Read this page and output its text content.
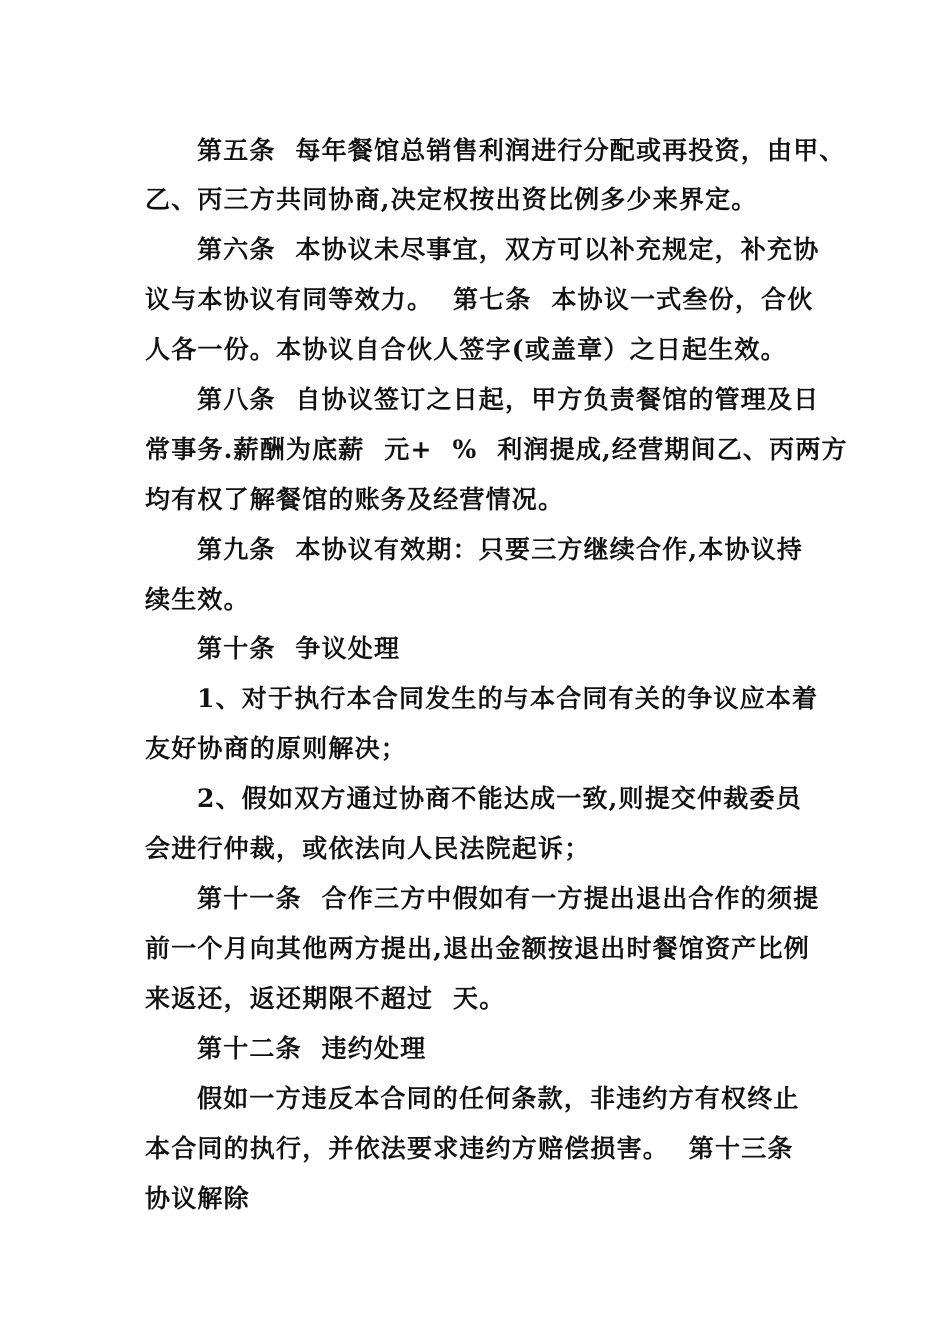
第五条  每年餐馆总销售利润进行分配或再投资，由甲、
乙、丙三方共同协商,决定权按出资比例多少来界定。
第六条  本协议未尽事宜，双方可以补充规定，补充协
议与本协议有同等效力。  第七条  本协议一式叁份，合伙
人各一份。本协议自合伙人签字(或盖章）之日起生效。
第八条  自协议签订之日起，甲方负责餐馆的管理及日
常事务.薪酬为底薪  元+  %  利润提成,经营期间乙、丙两方
均有权了解餐馆的账务及经营情况。
第九条  本协议有效期：只要三方继续合作,本协议持
续生效。
第十条  争议处理
1、对于执行本合同发生的与本合同有关的争议应本着
友好协商的原则解决；
2、假如双方通过协商不能达成一致,则提交仲裁委员
会进行仲裁，或依法向人民法院起诉；
第十一条  合作三方中假如有一方提出退出合作的须提
前一个月向其他两方提出,退出金额按退出时餐馆资产比例
来返还，返还期限不超过  天。
第十二条  违约处理
假如一方违反本合同的任何条款，非违约方有权终止
本合同的执行，并依法要求违约方赔偿损害。  第十三条
协议解除
